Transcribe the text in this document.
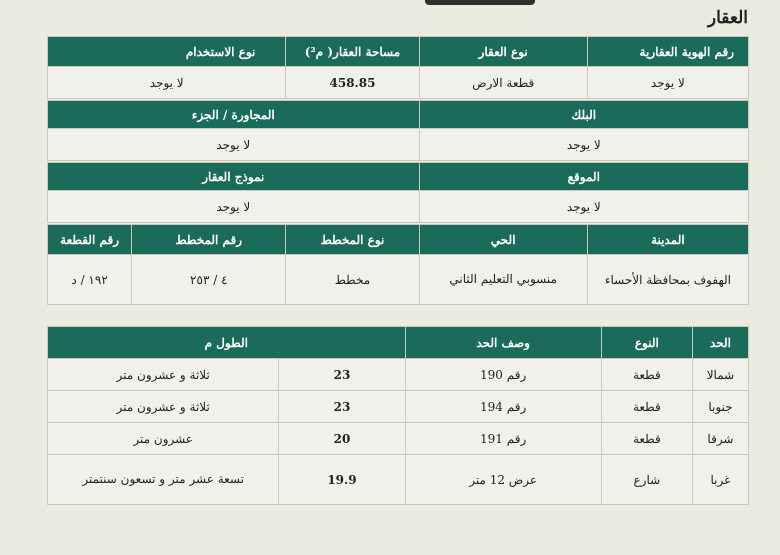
العقار
رقم الهوية العقارية	نوع العقار	مساحة العقار( م²)	نوع الاستخدام	
لا يوجد	قطعة الارض	458.85	لا يوجد	

البلك		المجاورة / الجزء		
لا يوجد		لا يوجد		

الموقع		نموذج العقار		
لا يوجد		لا يوجد		

المدينة	الحي	نوع المخطط	رقم المخطط	رقم القطعة
الهفوف بمحافظة الأحساء	منسوبي التعليم الثاني	مخطط	٤ / ٢٥٣	١٩٢ / د
الحد	النوع	وصف الحد	الطول م	
شمالا	قطعة	رقم 190	23	ثلاثة و عشرون متر
جنوبا	قطعة	رقم 194	23	ثلاثة و عشرون متر
شرقا	قطعة	رقم 191	20	عشرون متر
غربا	شارع	عرض 12 متر	19.9	تسعة عشر متر و تسعون سنتمتر
